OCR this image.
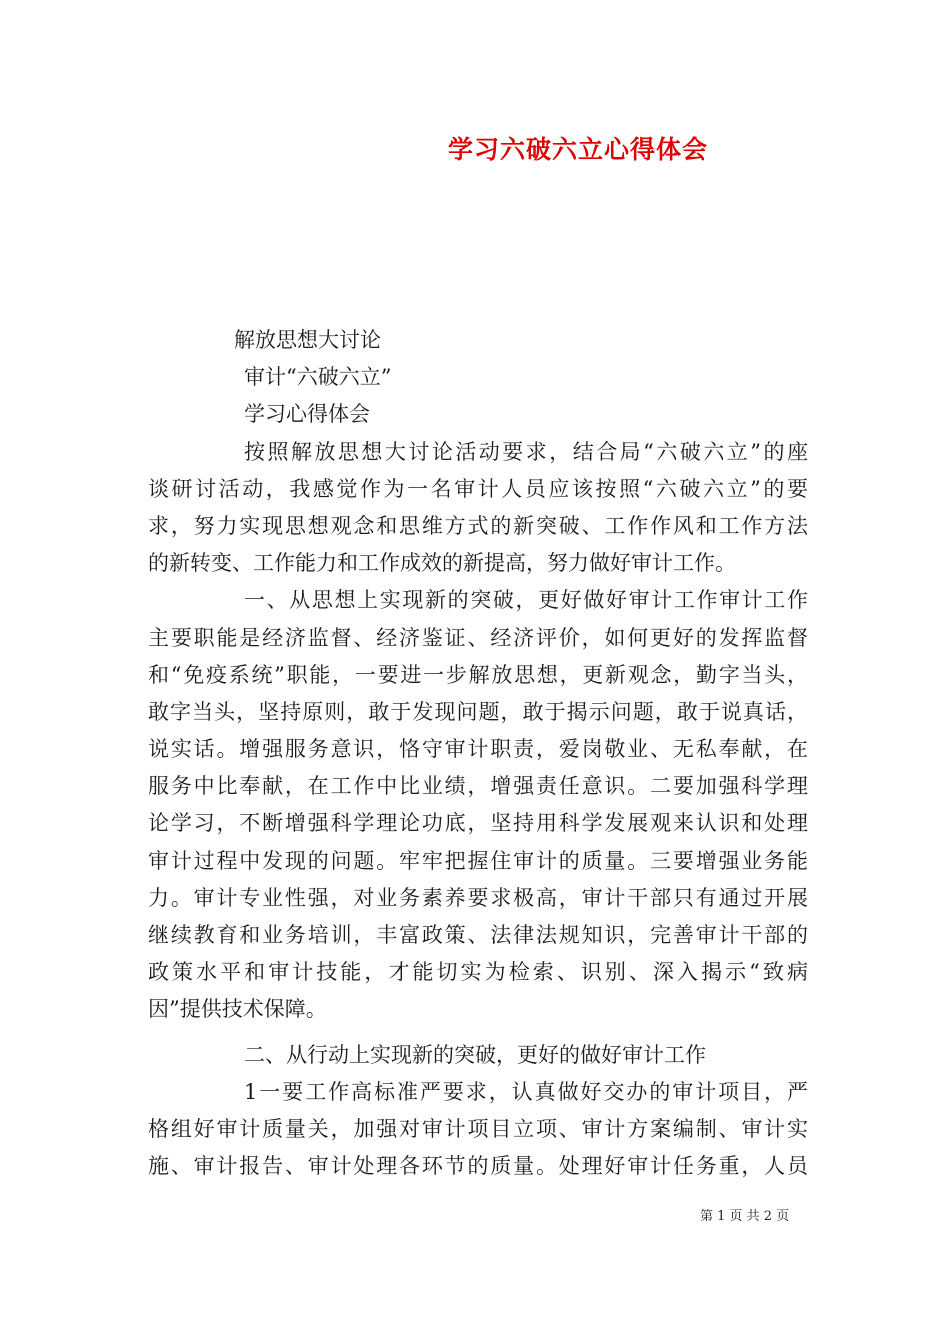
学习六破六立心得体会
解放思想大讨论
审计“六破六立”
学习心得体会
按照解放思想大讨论活动要求，结合局“六破六立”的座
谈研讨活动，我感觉作为一名审计人员应该按照“六破六立”的要
求，努力实现思想观念和思维方式的新突破、工作作风和工作方法
的新转变、工作能力和工作成效的新提高，努力做好审计工作。
一、从思想上实现新的突破，更好做好审计工作审计工作
主要职能是经济监督、经济鉴证、经济评价，如何更好的发挥监督
和“免疫系统”职能，一要进一步解放思想，更新观念，勤字当头，
敢字当头，坚持原则，敢于发现问题，敢于揭示问题，敢于说真话，
说实话。增强服务意识，恪守审计职责，爱岗敬业、无私奉献，在
服务中比奉献，在工作中比业绩，增强责任意识。二要加强科学理
论学习，不断增强科学理论功底，坚持用科学发展观来认识和处理
审计过程中发现的问题。牢牢把握住审计的质量。三要增强业务能
力。审计专业性强，对业务素养要求极高，审计干部只有通过开展
继续教育和业务培训，丰富政策、法律法规知识，完善审计干部的
政策水平和审计技能，才能切实为检索、识别、深入揭示“致病
因”提供技术保障。
二、从行动上实现新的突破，更好的做好审计工作
1一要工作高标准严要求，认真做好交办的审计项目，严
格组好审计质量关，加强对审计项目立项、审计方案编制、审计实
施、审计报告、审计处理各环节的质量。处理好审计任务重，人员
第 1 页 共 2 页
